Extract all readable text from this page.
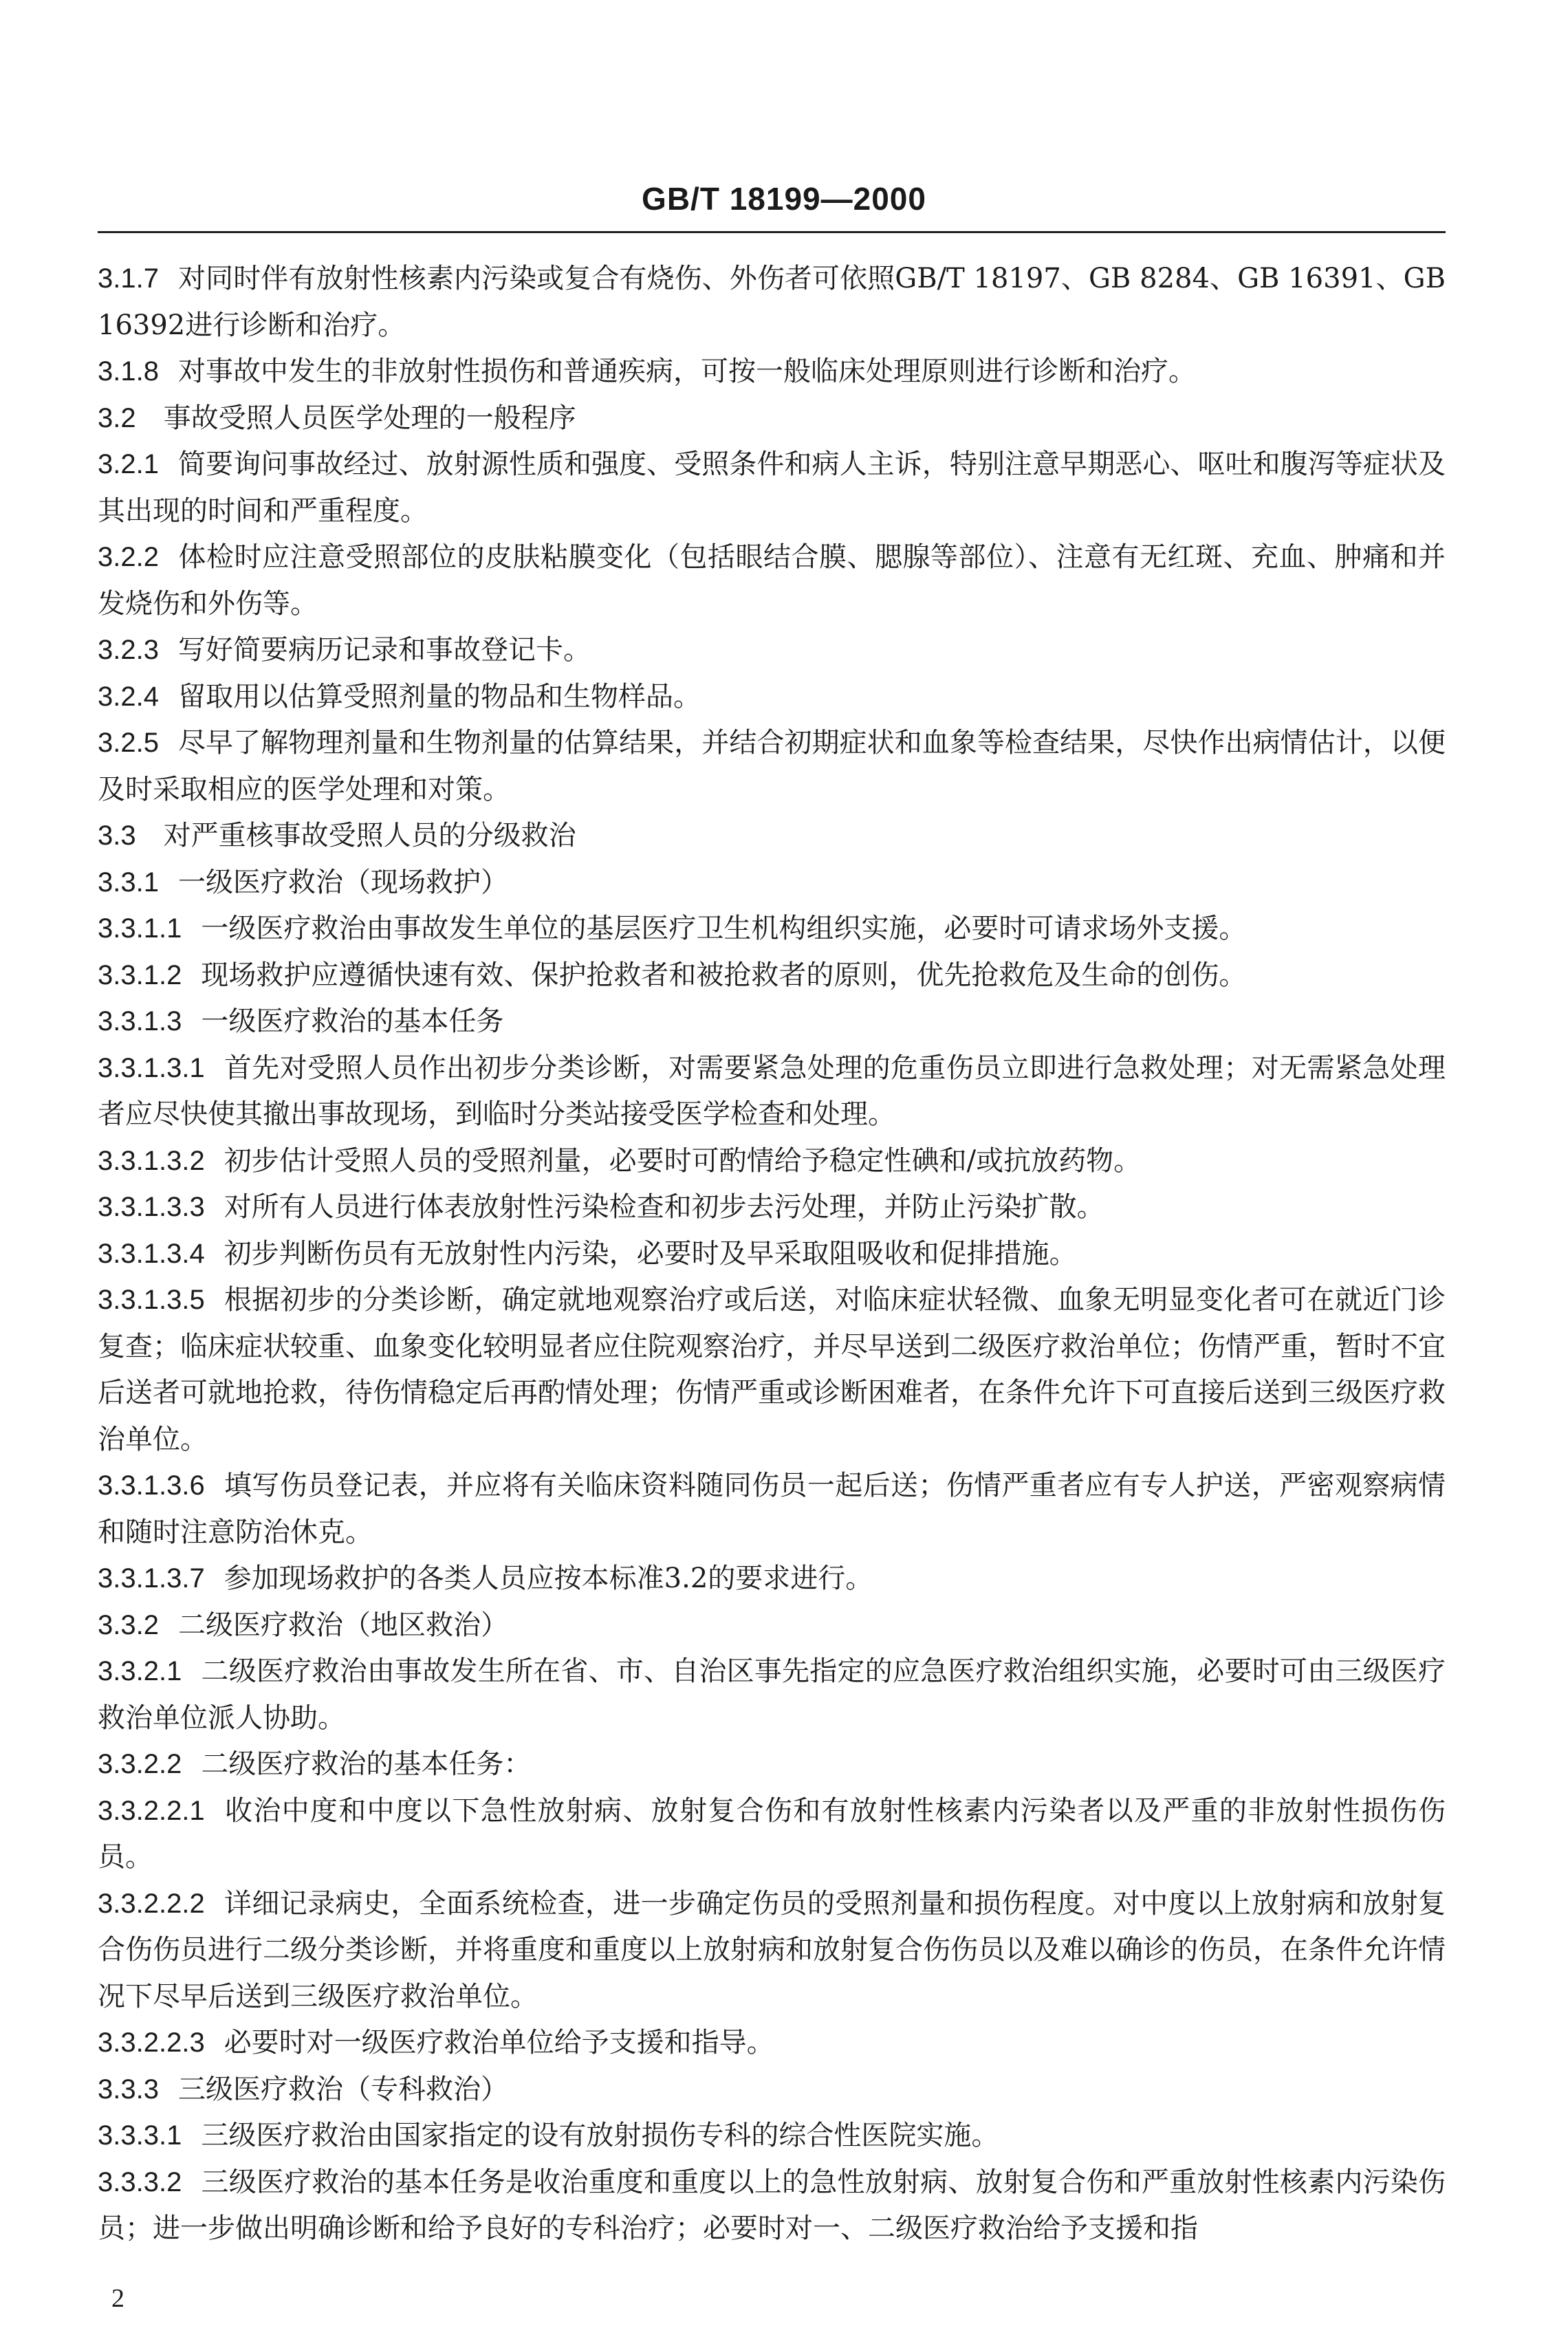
GB/T 18199—2000

3.1.7 对同时伴有放射性核素内污染或复合有烧伤、外伤者可依照GB/T 18197、GB 8284、GB 16391、GB 16392进行诊断和治疗。

3.1.8 对事故中发生的非放射性损伤和普通疾病，可按一般临床处理原则进行诊断和治疗。

3.2 事故受照人员医学处理的一般程序

3.2.1 简要询问事故经过、放射源性质和强度、受照条件和病人主诉，特别注意早期恶心、呕吐和腹泻等症状及其出现的时间和严重程度。

3.2.2 体检时应注意受照部位的皮肤粘膜变化（包括眼结合膜、腮腺等部位）、注意有无红斑、充血、肿痛和并发烧伤和外伤等。

3.2.3 写好简要病历记录和事故登记卡。

3.2.4 留取用以估算受照剂量的物品和生物样品。

3.2.5 尽早了解物理剂量和生物剂量的估算结果，并结合初期症状和血象等检查结果，尽快作出病情估计，以便及时采取相应的医学处理和对策。

3.3 对严重核事故受照人员的分级救治

3.3.1 一级医疗救治（现场救护）

3.3.1.1 一级医疗救治由事故发生单位的基层医疗卫生机构组织实施，必要时可请求场外支援。

3.3.1.2 现场救护应遵循快速有效、保护抢救者和被抢救者的原则，优先抢救危及生命的创伤。

3.3.1.3 一级医疗救治的基本任务

3.3.1.3.1 首先对受照人员作出初步分类诊断，对需要紧急处理的危重伤员立即进行急救处理；对无需紧急处理者应尽快使其撤出事故现场，到临时分类站接受医学检查和处理。

3.3.1.3.2 初步估计受照人员的受照剂量，必要时可酌情给予稳定性碘和/或抗放药物。

3.3.1.3.3 对所有人员进行体表放射性污染检查和初步去污处理，并防止污染扩散。

3.3.1.3.4 初步判断伤员有无放射性内污染，必要时及早采取阻吸收和促排措施。

3.3.1.3.5 根据初步的分类诊断，确定就地观察治疗或后送，对临床症状轻微、血象无明显变化者可在就近门诊复查；临床症状较重、血象变化较明显者应住院观察治疗，并尽早送到二级医疗救治单位；伤情严重，暂时不宜后送者可就地抢救，待伤情稳定后再酌情处理；伤情严重或诊断困难者，在条件允许下可直接后送到三级医疗救治单位。

3.3.1.3.6 填写伤员登记表，并应将有关临床资料随同伤员一起后送；伤情严重者应有专人护送，严密观察病情和随时注意防治休克。

3.3.1.3.7 参加现场救护的各类人员应按本标准3.2的要求进行。

3.3.2 二级医疗救治（地区救治）

3.3.2.1 二级医疗救治由事故发生所在省、市、自治区事先指定的应急医疗救治组织实施，必要时可由三级医疗救治单位派人协助。

3.3.2.2 二级医疗救治的基本任务：

3.3.2.2.1 收治中度和中度以下急性放射病、放射复合伤和有放射性核素内污染者以及严重的非放射性损伤伤员。

3.3.2.2.2 详细记录病史，全面系统检查，进一步确定伤员的受照剂量和损伤程度。对中度以上放射病和放射复合伤伤员进行二级分类诊断，并将重度和重度以上放射病和放射复合伤伤员以及难以确诊的伤员，在条件允许情况下尽早后送到三级医疗救治单位。

3.3.2.2.3 必要时对一级医疗救治单位给予支援和指导。

3.3.3 三级医疗救治（专科救治）

3.3.3.1 三级医疗救治由国家指定的设有放射损伤专科的综合性医院实施。

3.3.3.2 三级医疗救治的基本任务是收治重度和重度以上的急性放射病、放射复合伤和严重放射性核素内污染伤员；进一步做出明确诊断和给予良好的专科治疗；必要时对一、二级医疗救治给予支援和指

2
